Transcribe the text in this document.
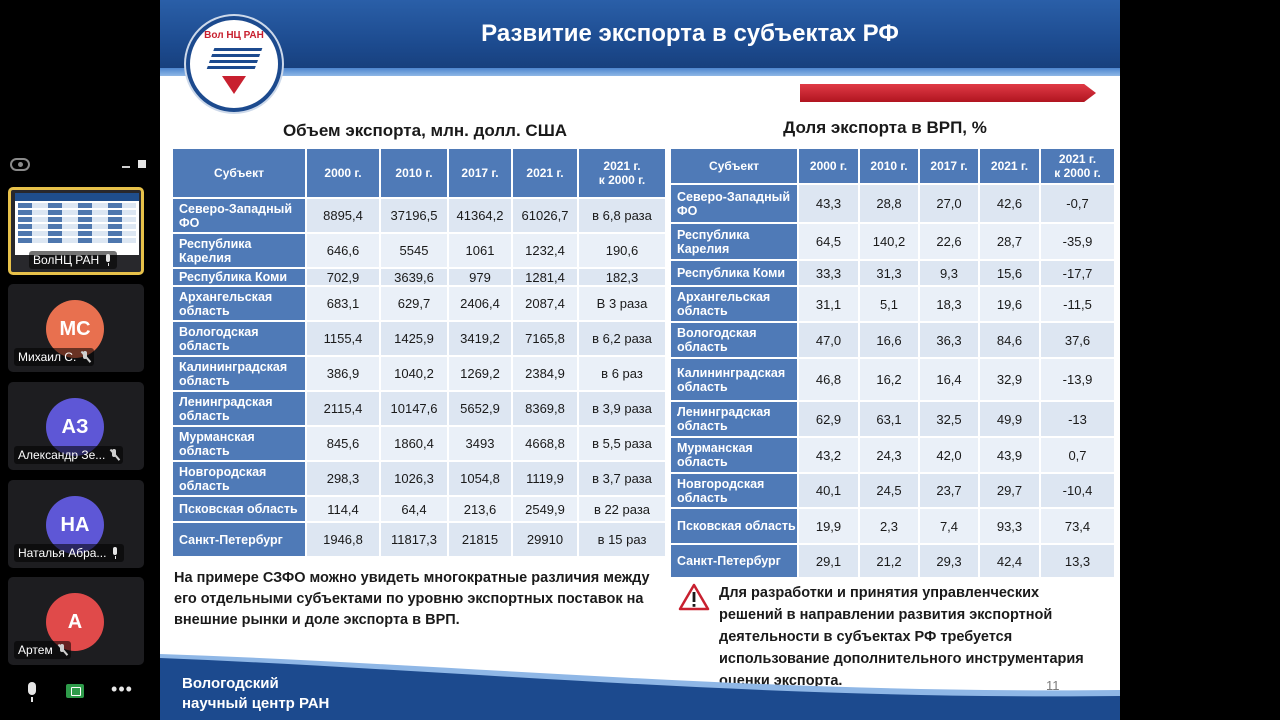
ВолНЦ РАН
МС
Михаил С.
АЗ
Александр Зе...
НА
Наталья Абра...
А
Артем
•••
Развитие экспорта в субъектах РФ
Вол НЦ РАН
Объем экспорта, млн. долл. США	Доля экспорта в ВРП, %
Субъект	2000 г.	2010 г.	2017 г.	2021 г.	2021 г.
к 2000 г.
Северо-Западный ФО	8895,4	37196,5	41364,2	61026,7	в 6,8 раза
Республика Карелия	646,6	5545	1061	1232,4	190,6
Республика Коми	702,9	3639,6	979	1281,4	182,3
Архангельская область	683,1	629,7	2406,4	2087,4	В 3 раза
Вологодская область	1155,4	1425,9	3419,2	7165,8	в 6,2 раза
Калининградская область	386,9	1040,2	1269,2	2384,9	в 6 раз
Ленинградская область	2115,4	10147,6	5652,9	8369,8	в 3,9 раза
Мурманская область	845,6	1860,4	3493	4668,8	в 5,5 раза
Новгородская область	298,3	1026,3	1054,8	1119,9	в 3,7 раза
Псковская область	114,4	64,4	213,6	2549,9	в 22 раза
Санкт-Петербург	1946,8	11817,3	21815	29910	в 15 раз
Субъект	2000 г.	2010 г.	2017 г.	2021 г.	2021 г.
к 2000 г.
Северо-Западный ФО	43,3	28,8	27,0	42,6	-0,7
Республика Карелия	64,5	140,2	22,6	28,7	-35,9
Республика Коми	33,3	31,3	9,3	15,6	-17,7
Архангельская область	31,1	5,1	18,3	19,6	-11,5
Вологодская область	47,0	16,6	36,3	84,6	37,6
Калининградская область	46,8	16,2	16,4	32,9	-13,9
Ленинградская область	62,9	63,1	32,5	49,9	-13
Мурманская область	43,2	24,3	42,0	43,9	0,7
Новгородская область	40,1	24,5	23,7	29,7	-10,4
Псковская область	19,9	2,3	7,4	93,3	73,4
Санкт-Петербург	29,1	21,2	29,3	42,4	13,3
На примере СЗФО можно увидеть многократные различия между его отдельными субъектами по уровню экспортных поставок на внешние рынки и доле экспорта в ВРП.
Для разработки и принятия управленческих решений в направлении развития экспортной деятельности в субъектах РФ требуется использование дополнительного инструментария оценки экспорта.
Вологодский
научный центр РАН
11
